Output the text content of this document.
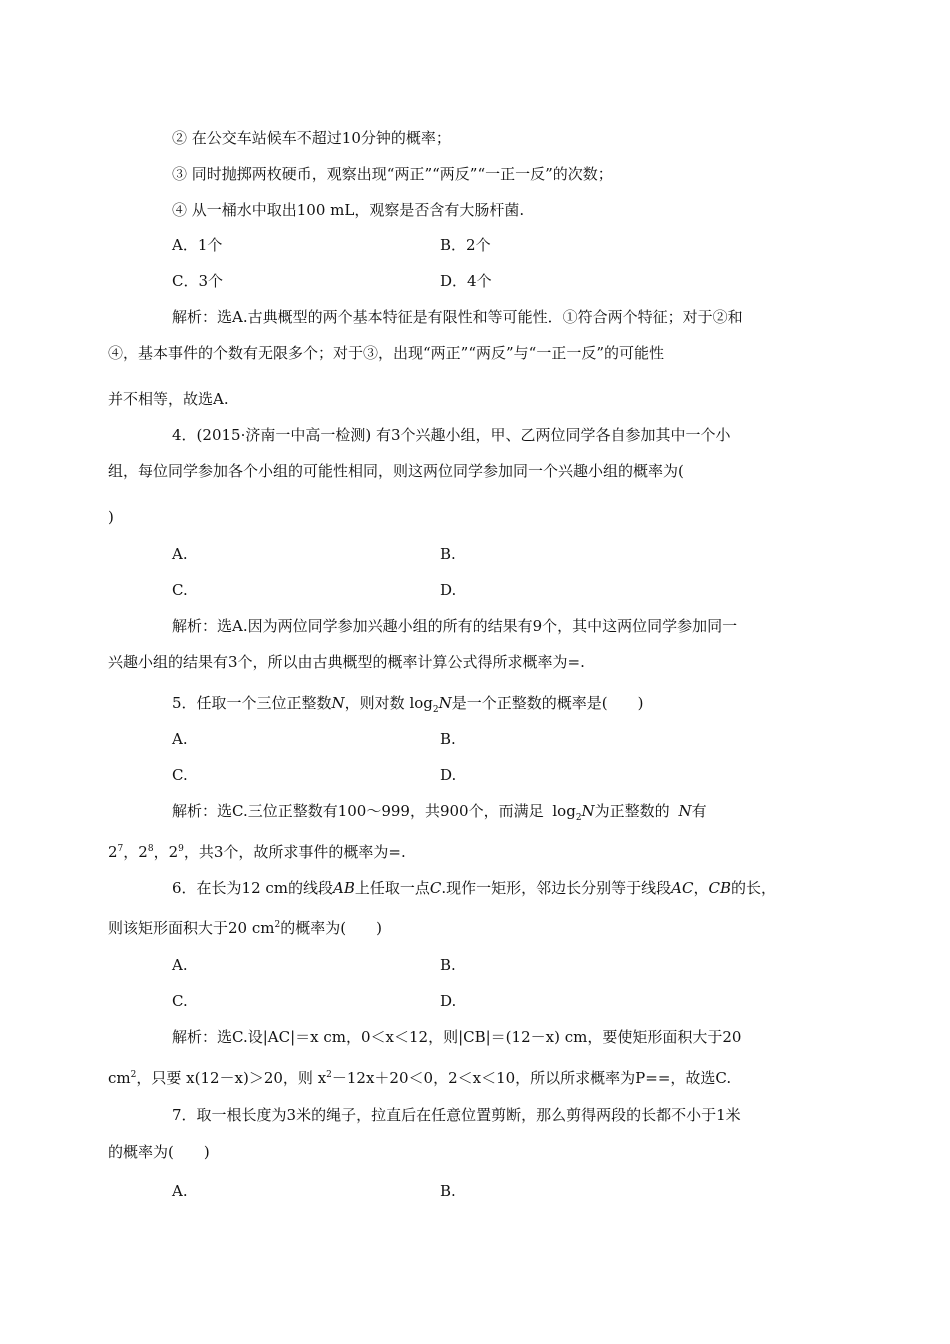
② 在公交车站候车不超过10分钟的概率；
③ 同时抛掷两枚硬币，观察出现“两正”“两反”“一正一反”的次数；
④ 从一桶水中取出100 mL，观察是否含有大肠杆菌.
A．1个	B．2个
C．3个	D．4个
解析：选A.古典概型的两个基本特征是有限性和等可能性．①符合两个特征；对于②和
④，基本事件的个数有无限多个；对于③，出现“两正”“两反”与“一正一反”的可能性
并不相等，故选A.
4．(2015·济南一中高一检测) 有3个兴趣小组，甲、乙两位同学各自参加其中一个小
组，每位同学参加各个小组的可能性相同，则这两位同学参加同一个兴趣小组的概率为(
)
A.	B.
C.	D.
解析：选A.因为两位同学参加兴趣小组的所有的结果有9个，其中这两位同学参加同一
兴趣小组的结果有3个，所以由古典概型的概率计算公式得所求概率为=.
5．任取一个三位正整数N，则对数 $\log_2N$是一个正整数的概率是(　　)
A.	B.
C.	D.
解析：选C.三位正整数有100～999，共900个，而满足 $\log_2N$为正整数的 N有
$2^7$，$2^8$，$2^9$，共3个，故所求事件的概率为=.
6．在长为12 cm的线段AB上任取一点C.现作一矩形，邻边长分别等于线段AC，CB的长，
则该矩形面积大于20 $cm^2$的概率为(　　)
A.	B.
C.	D.
解析：选C.设|AC|＝x cm，0＜x＜12，则|CB|＝(12－x) cm，要使矩形面积大于20
$cm^2$，只要 x(12－x)＞20，则 $x^2-12x+20<0$，2＜x＜10，所以所求概率为P==，故选C.
7．取一根长度为3米的绳子，拉直后在任意位置剪断，那么剪得两段的长都不小于1米
的概率为(　　)
A.	B.
